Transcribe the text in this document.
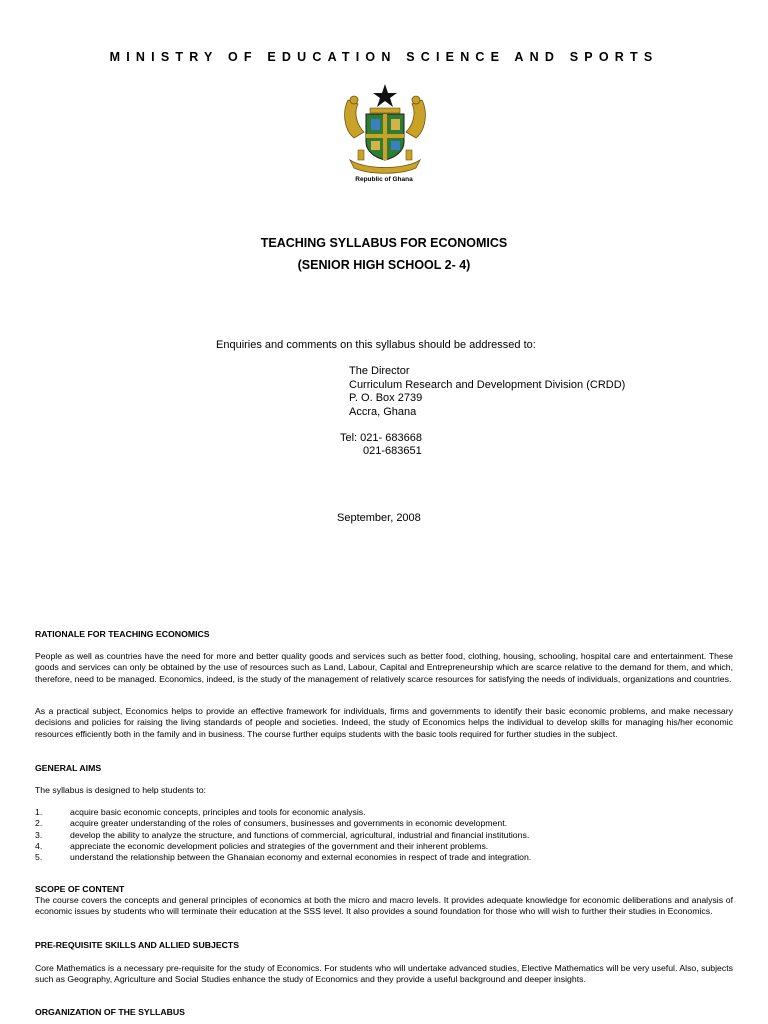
MINISTRY OF EDUCATION SCIENCE AND SPORTS
Republic of Ghana
TEACHING SYLLABUS FOR ECONOMICS
(SENIOR HIGH SCHOOL 2- 4)
Enquiries and comments on this syllabus should be addressed to:
The Director
Curriculum Research and Development Division (CRDD)
P. O. Box 2739
Accra, Ghana
Tel: 021- 683668
021-683651
September, 2008
RATIONALE FOR TEACHING ECONOMICS
People as well as countries have the need for more and better quality goods and services such as better food, clothing, housing, schooling, hospital care and entertainment. These goods and services can only be obtained by the use of resources such as Land, Labour, Capital and Entrepreneurship which are scarce relative to the demand for them, and which, therefore, need to be managed. Economics, indeed, is the study of the management of relatively scarce resources for satisfying the needs of individuals, organizations and countries.
As a practical subject, Economics helps to provide an effective framework for individuals, firms and governments to identify their basic economic problems, and make necessary decisions and policies for raising the living standards of people and societies. Indeed, the study of Economics helps the individual to develop skills for managing his/her economic resources efficiently both in the family and in business. The course further equips students with the basic tools required for further studies in the subject.
GENERAL AIMS
The syllabus is designed to help students to:
1.	acquire basic economic concepts, principles and tools for economic analysis.
2.	acquire greater understanding of the roles of consumers, businesses and governments in economic development.
3.	develop the ability to analyze the structure, and functions of commercial, agricultural, industrial and financial institutions.
4.	appreciate the economic development policies and strategies of the government and their inherent problems.
5.	understand the relationship between the Ghanaian economy and external economies in respect of trade and integration.
SCOPE OF CONTENT
The course covers the concepts and general principles of economics at both the micro and macro levels. It provides adequate knowledge for economic deliberations and analysis of economic issues by students who will terminate their education at the SSS level. It also provides a sound foundation for those who will wish to further their studies in Economics.
PRE-REQUISITE SKILLS AND ALLIED SUBJECTS
Core Mathematics is a necessary pre-requisite for the study of Economics. For students who will undertake advanced studies, Elective Mathematics will be very useful. Also, subjects such as Geography, Agriculture and Social Studies enhance the study of Economics and they provide a useful background and deeper insights.
ORGANIZATION OF THE SYLLABUS
